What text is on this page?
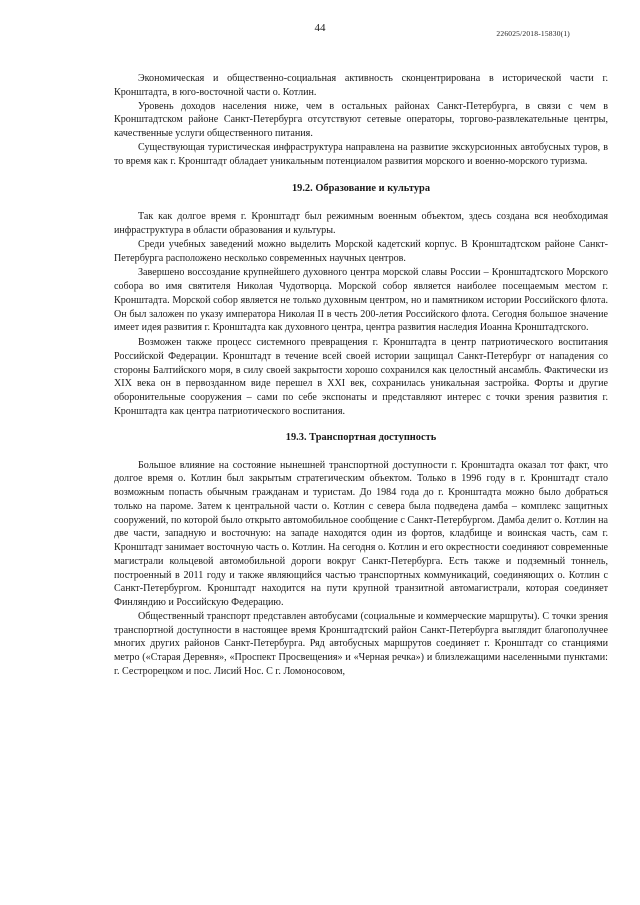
44	226025/2018-15830(1)

Экономическая и общественно-социальная активность сконцентрирована в исторической части г. Кронштадта, в юго-восточной части о. Котлин.

Уровень доходов населения ниже, чем в остальных районах Санкт-Петербурга, в связи с чем в Кронштадтском районе Санкт-Петербурга отсутствуют сетевые операторы, торгово-развлекательные центры, качественные услуги общественного питания.

Существующая туристическая инфраструктура направлена на развитие экскурсионных автобусных туров, в то время как г. Кронштадт обладает уникальным потенциалом развития морского и военно-морского туризма.

19.2. Образование и культура

Так как долгое время г. Кронштадт был режимным военным объектом, здесь создана вся необходимая инфраструктура в области образования и культуры.

Среди учебных заведений можно выделить Морской кадетский корпус. В Кронштадтском районе Санкт-Петербурга расположено несколько современных научных центров.

Завершено воссоздание крупнейшего духовного центра морской славы России – Кронштадтского Морского собора во имя святителя Николая Чудотворца. Морской собор является наиболее посещаемым местом г. Кронштадта. Морской собор является не только духовным центром, но и памятником истории Российского флота. Он был заложен по указу императора Николая II в честь 200-летия Российского флота. Сегодня большое значение имеет идея развития г. Кронштадта как духовного центра, центра развития наследия Иоанна Кронштадтского.

Возможен также процесс системного превращения г. Кронштадта в центр патриотического воспитания Российской Федерации. Кронштадт в течение всей своей истории защищал Санкт-Петербург от нападения со стороны Балтийского моря, в силу своей закрытости хорошо сохранился как целостный ансамбль. Фактически из XIX века он в первозданном виде перешел в XXI век, сохранилась уникальная застройка. Форты и другие оборонительные сооружения – сами по себе экспонаты и представляют интерес с точки зрения развития г. Кронштадта как центра патриотического воспитания.

19.3. Транспортная доступность

Большое влияние на состояние нынешней транспортной доступности г. Кронштадта оказал тот факт, что долгое время о. Котлин был закрытым стратегическим объектом. Только в 1996 году в г. Кронштадт стало возможным попасть обычным гражданам и туристам. До 1984 года до г. Кронштадта можно было добраться только на пароме. Затем к центральной части о. Котлин с севера была подведена дамба – комплекс защитных сооружений, по которой было открыто автомобильное сообщение с Санкт-Петербургом. Дамба делит о. Котлин на две части, западную и восточную: на западе находятся один из фортов, кладбище и воинская часть, сам г. Кронштадт занимает восточную часть о. Котлин. На сегодня о. Котлин и его окрестности соединяют современные магистрали кольцевой автомобильной дороги вокруг Санкт-Петербурга. Есть также и подземный тоннель, построенный в 2011 году и также являющийся частью транспортных коммуникаций, соединяющих о. Котлин с Санкт-Петербургом. Кронштадт находится на пути крупной транзитной автомагистрали, которая соединяет Финляндию и Российскую Федерацию.

Общественный транспорт представлен автобусами (социальные и коммерческие маршруты). С точки зрения транспортной доступности в настоящее время Кронштадтский район Санкт-Петербурга выглядит благополучнее многих других районов Санкт-Петербурга. Ряд автобусных маршрутов соединяет г. Кронштадт со станциями метро («Старая Деревня», «Проспект Просвещения» и «Черная речка») и близлежащими населенными пунктами: г. Сестрорецком и пос. Лисий Нос. С г. Ломоносовом,
